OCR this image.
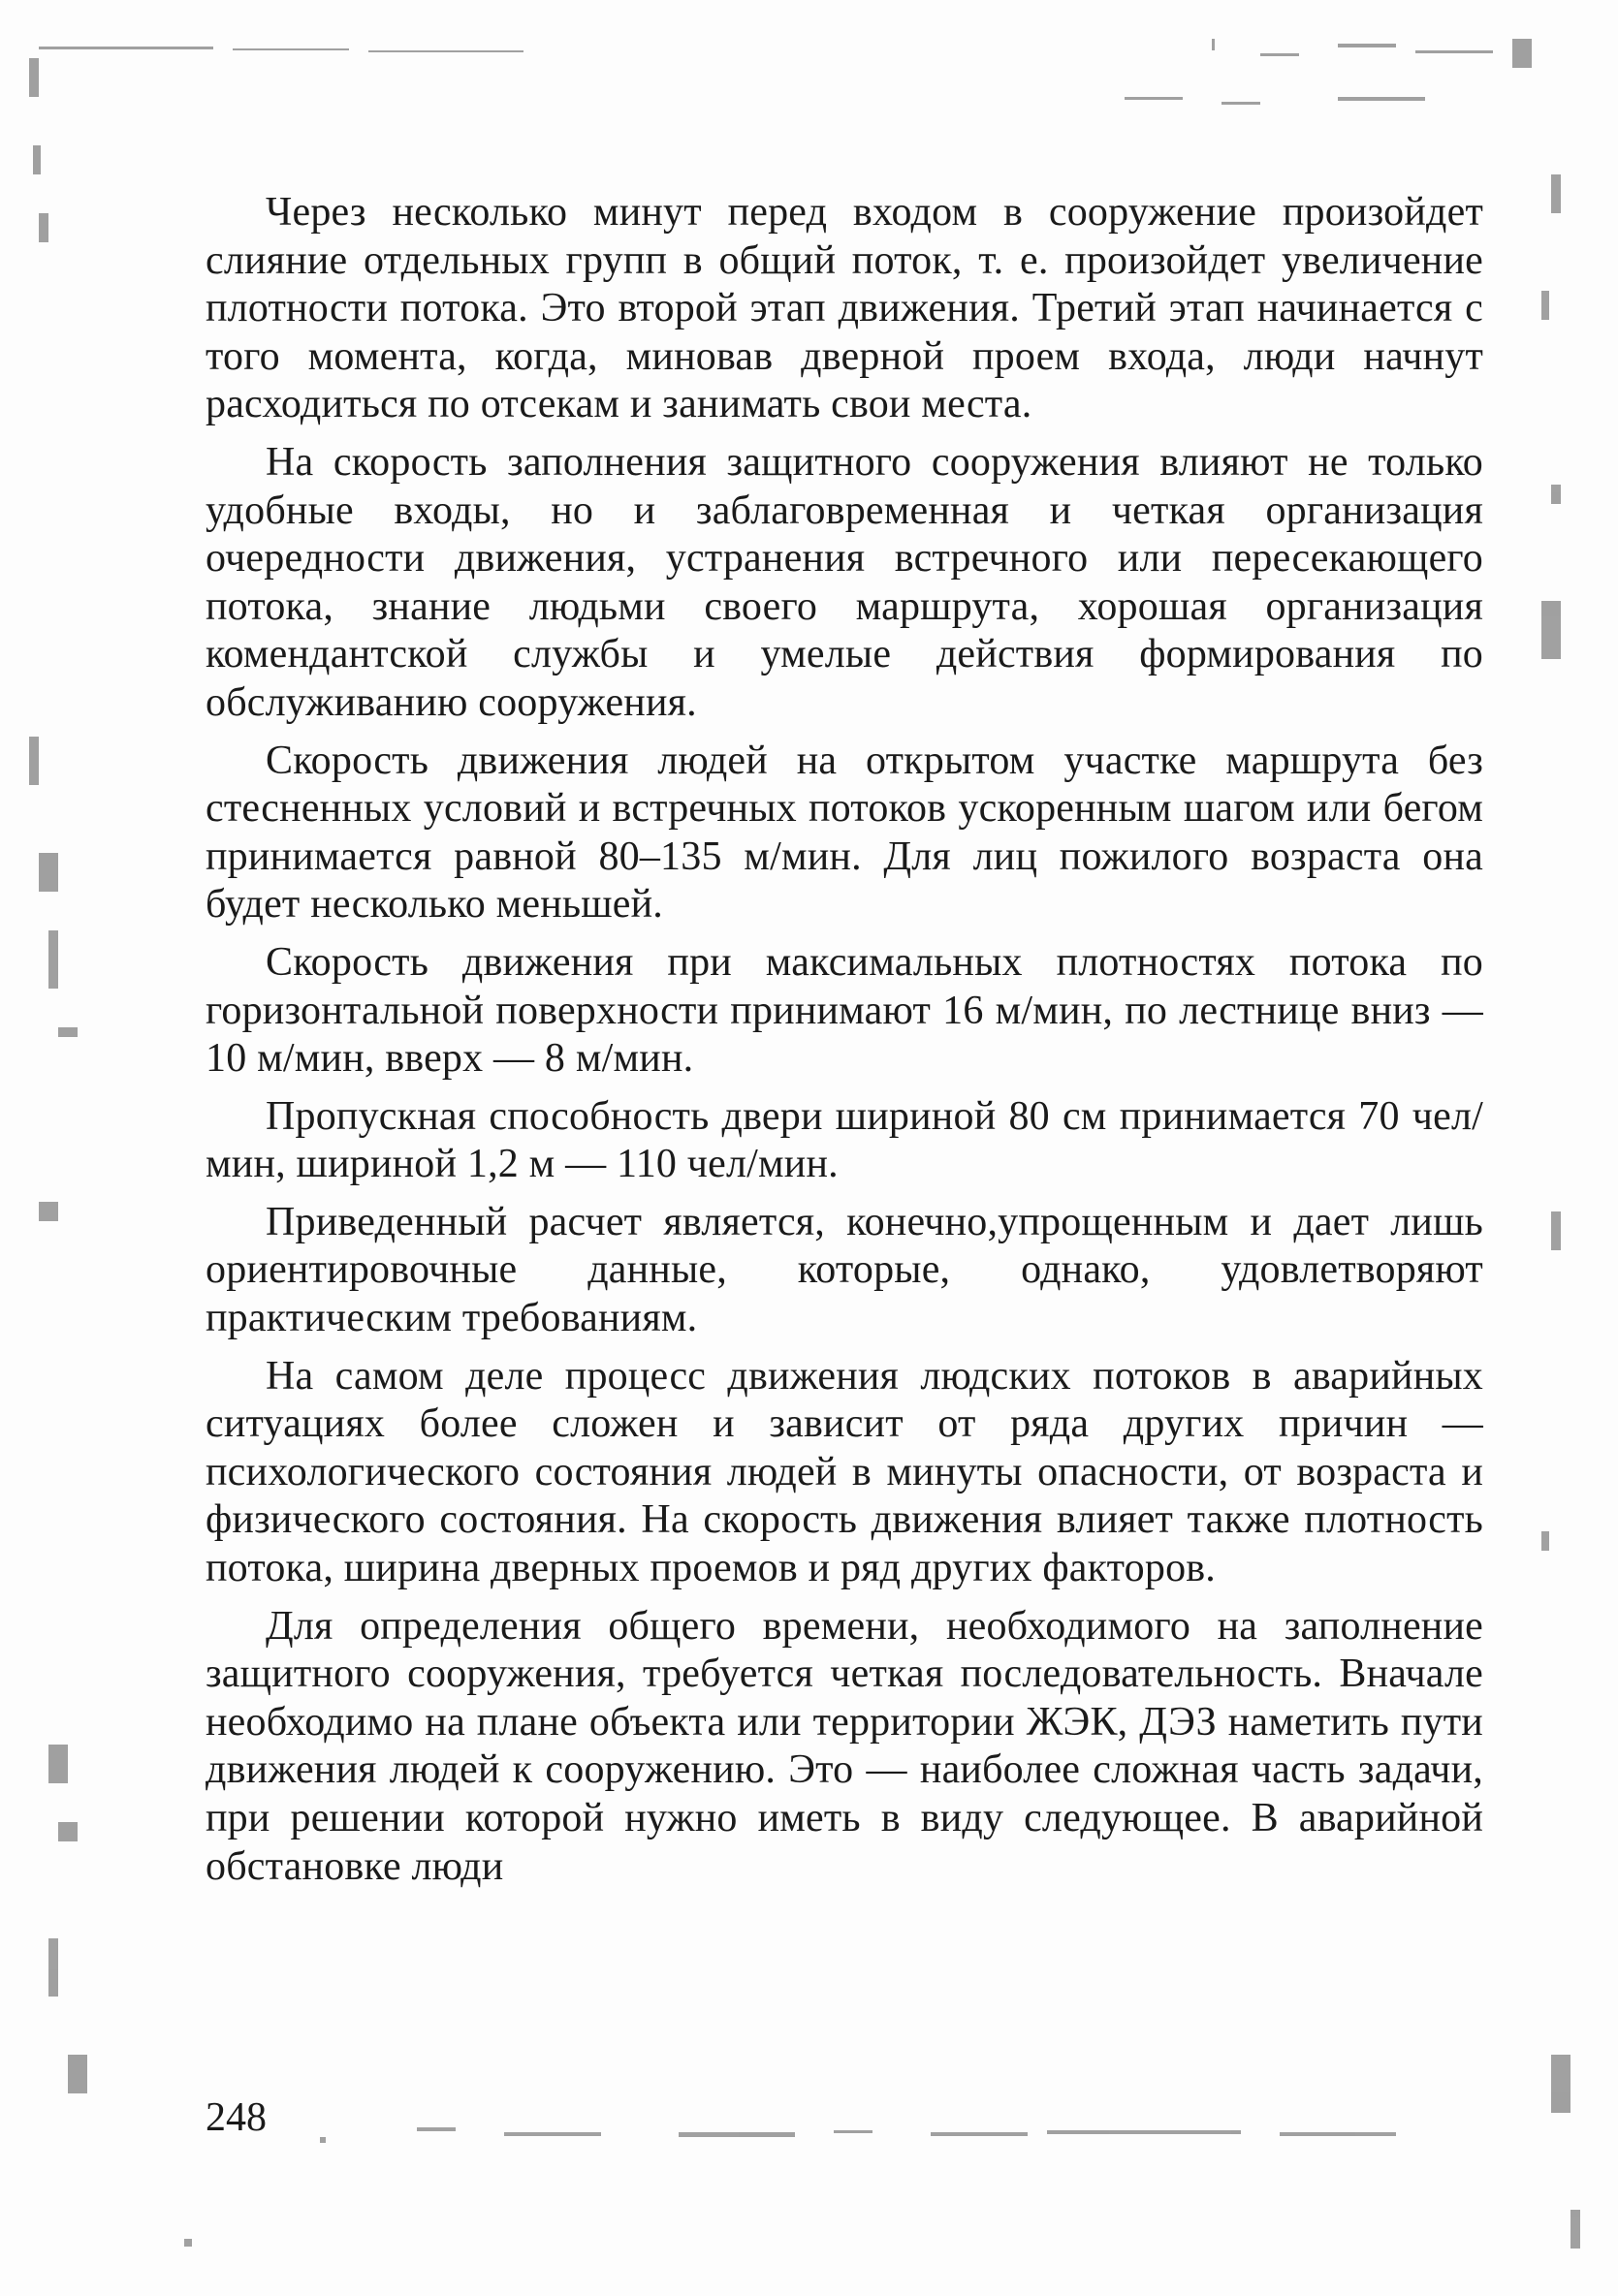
Через несколько минут перед входом в сооружение произойдет слияние отдельных групп в общий поток, т. е. произойдет увеличение плотности потока. Это второй этап движения. Третий этап начинается с того момента, когда, миновав дверной проем входа, люди начнут расходиться по отсекам и занимать свои места.

На скорость заполнения защитного сооружения влияют не только удобные входы, но и заблаговременная и четкая организация очередности движения, устранения встречного или пересекающего потока, знание людьми своего маршрута, хорошая организация комендантской службы и умелые действия формирования по обслуживанию сооружения.

Скорость движения людей на открытом участке маршрута без стесненных условий и встречных потоков ускоренным шагом или бегом принимается равной 80–135 м/мин. Для лиц пожилого возраста она будет несколько меньшей.

Скорость движения при максимальных плотностях потока по горизонтальной поверхности принимают 16 м/мин, по лестнице вниз — 10 м/мин, вверх — 8 м/мин.

Пропускная способность двери шириной 80 см принимается 70 чел/мин, шириной 1,2 м — 110 чел/мин.

Приведенный расчет является, конечно,упрощенным и дает лишь ориентировочные данные, которые, однако, удовлетворяют практическим требованиям.

На самом деле процесс движения людских потоков в аварийных ситуациях более сложен и зависит от ряда других причин — психологического состояния людей в минуты опасности, от возраста и физического состояния. На скорость движения влияет также плотность потока, ширина дверных проемов и ряд других факторов.

Для определения общего времени, необходимого на заполнение защитного сооружения, требуется четкая последовательность. Вначале необходимо на плане объекта или территории ЖЭК, ДЭЗ наметить пути движения людей к сооружению. Это — наиболее сложная часть задачи, при решении которой нужно иметь в виду следующее. В аварийной обстановке люди

248
